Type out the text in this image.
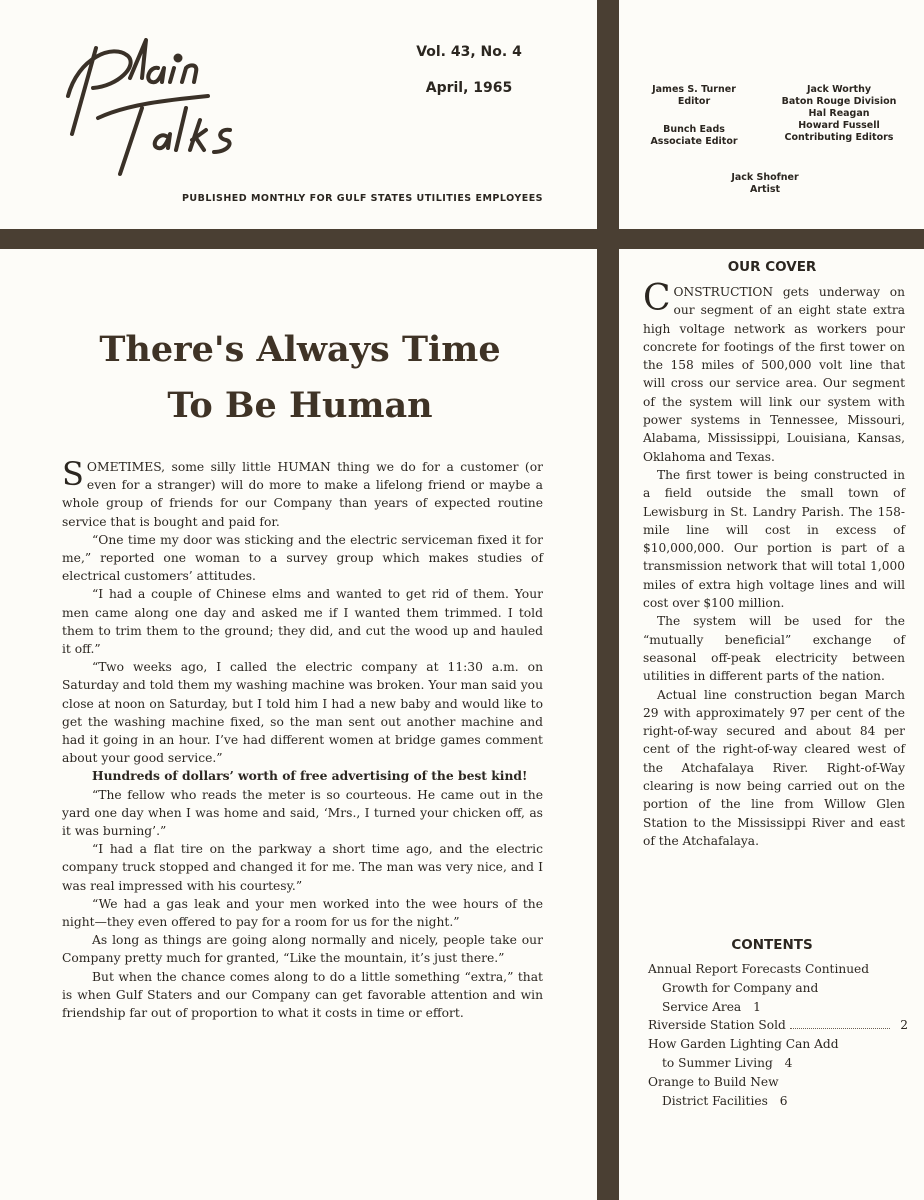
Vol. 43, No. 4
April, 1965
PUBLISHED MONTHLY FOR GULF STATES UTILITIES EMPLOYEES
James S. Turner
Editor
Bunch Eads
Associate Editor
Jack Worthy
Baton Rouge Division
Hal Reagan
Howard Fussell
Contributing Editors
Jack Shofner
Artist
There's Always Time
To Be Human

SOMETIMES, some silly little HUMAN thing we do for a customer (or even for a stranger) will do more to make a lifelong friend or maybe a whole group of friends for our Company than years of expected routine service that is bought and paid for.

“One time my door was sticking and the electric serviceman fixed it for me,” reported one woman to a survey group which makes studies of electrical customers’ attitudes.

“I had a couple of Chinese elms and wanted to get rid of them. Your men came along one day and asked me if I wanted them trimmed. I told them to trim them to the ground; they did, and cut the wood up and hauled it off.”

“Two weeks ago, I called the electric company at 11:30 a.m. on Saturday and told them my washing machine was broken. Your man said you close at noon on Saturday, but I told him I had a new baby and would like to get the washing machine fixed, so the man sent out another machine and had it going in an hour. I’ve had different women at bridge games comment about your good service.”

Hundreds of dollars’ worth of free advertising of the best kind!

“The fellow who reads the meter is so courteous. He came out in the yard one day when I was home and said, ‘Mrs., I turned your chicken off, as it was burning’.”

“I had a flat tire on the parkway a short time ago, and the electric company truck stopped and changed it for me. The man was very nice, and I was real impressed with his courtesy.”

“We had a gas leak and your men worked into the wee hours of the night—they even offered to pay for a room for us for the night.”

As long as things are going along normally and nicely, people take our Company pretty much for granted, “Like the mountain, it’s just there.”

But when the chance comes along to do a little something “extra,” that is when Gulf Staters and our Company can get favorable attention and win friendship far out of proportion to what it costs in time or effort.

OUR COVER

CONSTRUCTION gets underway on our segment of an eight state extra high voltage network as workers pour concrete for footings of the first tower on the 158 miles of 500,000 volt line that will cross our service area. Our segment of the system will link our system with power systems in Tennessee, Missouri, Alabama, Mississippi, Louisiana, Kansas, Oklahoma and Texas.

The first tower is being constructed in a field outside the small town of Lewisburg in St. Landry Parish. The 158-mile line will cost in excess of $10,000,000. Our portion is part of a transmission network that will total 1,000 miles of extra high voltage lines and will cost over $100 million.

The system will be used for the “mutually beneficial” exchange of seasonal off-peak electricity between utilities in different parts of the nation.

Actual line construction began March 29 with approximately 97 per cent of the right-of-way secured and about 84 per cent of the right-of-way cleared west of the Atchafalaya River. Right-of-Way clearing is now being carried out on the portion of the line from Willow Glen Station to the Mississippi River and east of the Atchafalaya.

CONTENTS
Annual Report Forecasts Continued
Growth for Company and
Service Area 1
Riverside Station Sold	2
How Garden Lighting Can Add
to Summer Living 4
Orange to Build New
District Facilities 6
